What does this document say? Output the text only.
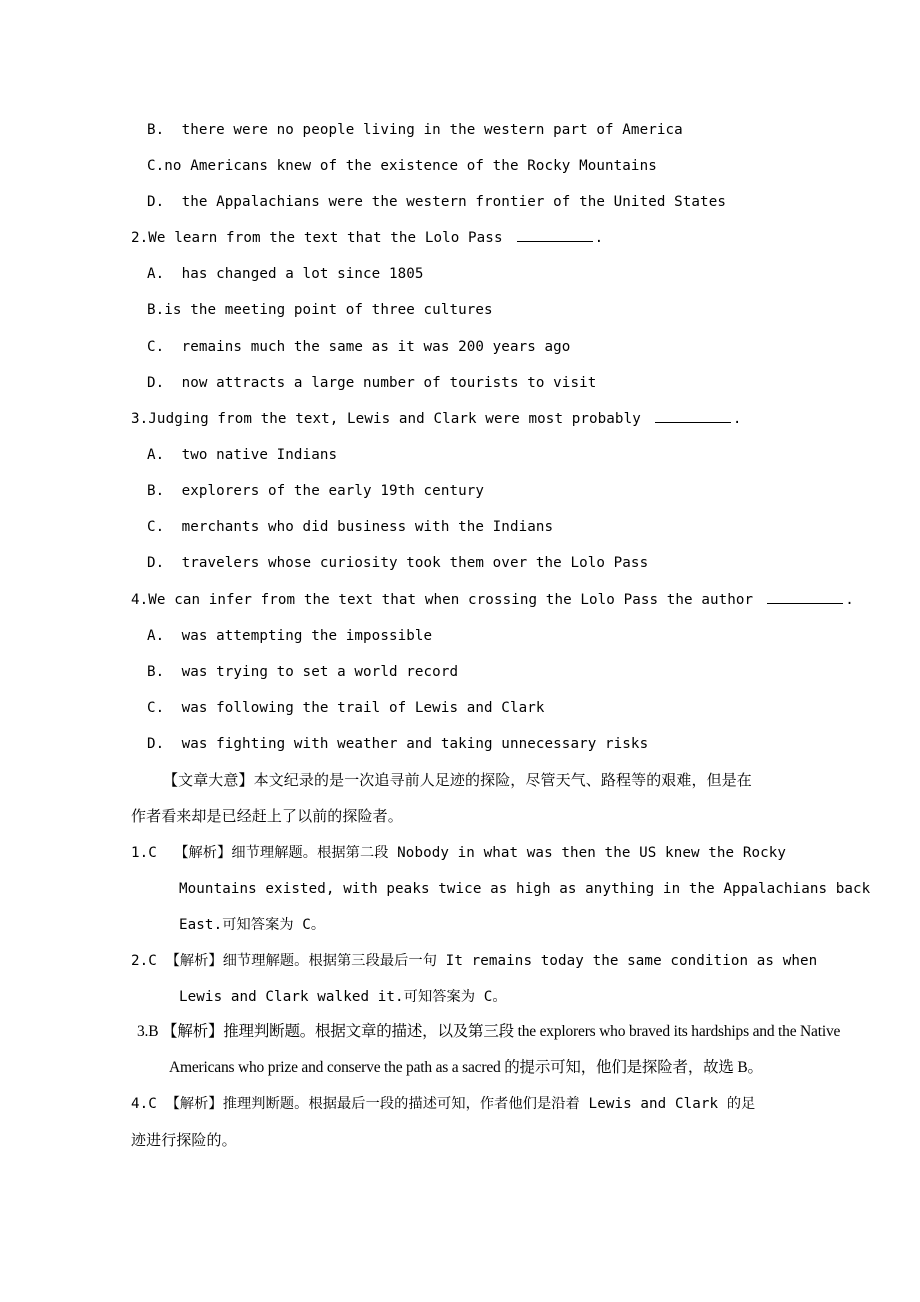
B.  there were no people living in the western part of America
C.no Americans knew of the existence of the Rocky Mountains
D.  the Appalachians were the western frontier of the United States
2.We learn from the text that the Lolo Pass	.
A.  has changed a lot since 1805
B.is the meeting point of three cultures
C.  remains much the same as it was 200 years ago
D.  now attracts a large number of tourists to visit
3.Judging from the text, Lewis and Clark were most probably	.
A.  two native Indians
B.  explorers of the early 19th century
C.  merchants who did business with the Indians
D.  travelers whose curiosity took them over the Lolo Pass
4.We can infer from the text that when crossing the Lolo Pass the author	.
A.  was attempting the impossible
B.  was trying to set a world record
C.  was following the trail of Lewis and Clark
D.  was fighting with weather and taking unnecessary risks
【文章大意】本文纪录的是一次追寻前人足迹的探险，尽管天气、路程等的艰难，但是在
作者看来却是已经赶上了以前的探险者。
1.C  【解析】细节理解题。根据第二段 Nobody in what was then the US knew the Rocky
Mountains existed, with peaks twice as high as anything in the Appalachians back
East.可知答案为 C。
2.C 【解析】细节理解题。根据第三段最后一句 It remains today the same condition as when
Lewis and Clark walked it.可知答案为 C。
3.B 【解析】推理判断题。根据文章的描述，以及第三段 the explorers who braved its hardships and the Native
Americans who prize and conserve the path as a sacred 的提示可知，他们是探险者，故选 B。
4.C 【解析】推理判断题。根据最后一段的描述可知，作者他们是沿着 Lewis and Clark 的足
迹进行探险的。
